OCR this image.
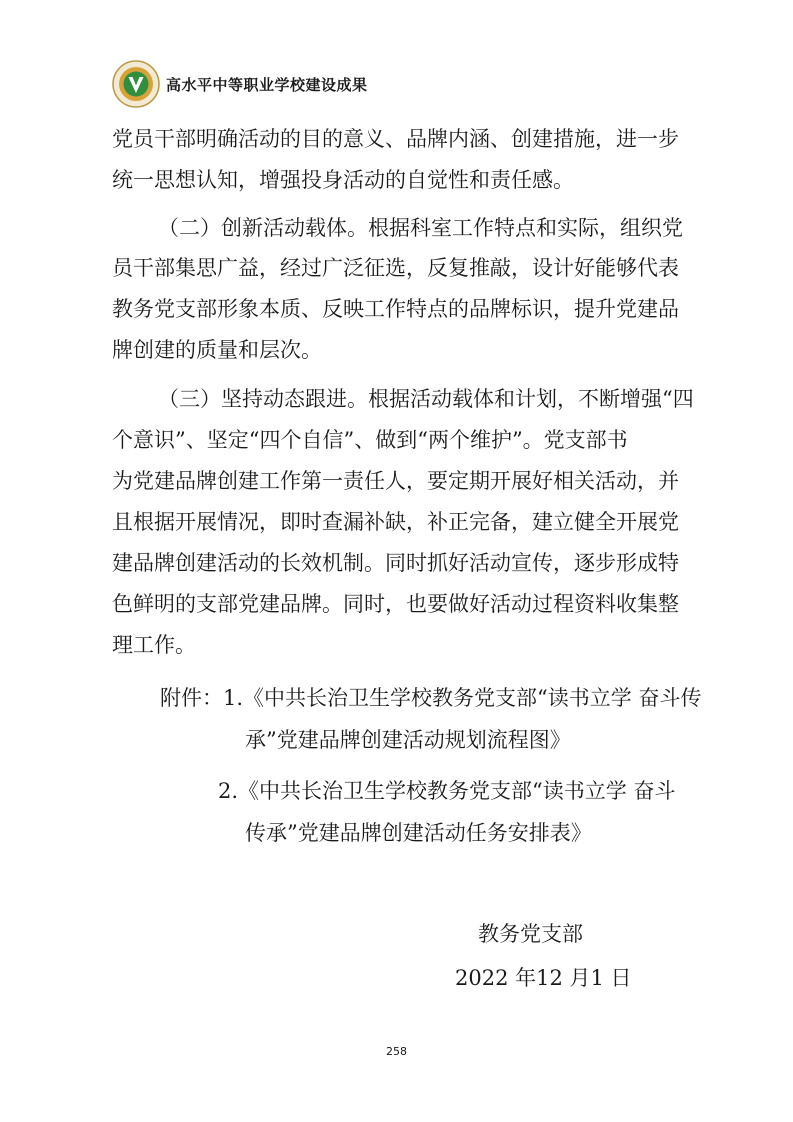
高水平中等职业学校建设成果
党员干部明确活动的目的意义、品牌内涵、创建措施，进一步
统一思想认知，增强投身活动的自觉性和责任感。
（二）创新活动载体。根据科室工作特点和实际，组织党
员干部集思广益，经过广泛征选，反复推敲，设计好能够代表
教务党支部形象本质、反映工作特点的品牌标识，提升党建品
牌创建的质量和层次。
（三）坚持动态跟进。根据活动载体和计划，不断增强“四
个意识”、坚定“四个自信”、做到“两个维护”。党支部书
为党建品牌创建工作第一责任人，要定期开展好相关活动，并
且根据开展情况，即时查漏补缺，补正完备，建立健全开展党
建品牌创建活动的长效机制。同时抓好活动宣传，逐步形成特
色鲜明的支部党建品牌。同时，也要做好活动过程资料收集整
理工作。
附件：1.《中共长治卫生学校教务党支部“读书立学 奋斗传
承”党建品牌创建活动规划流程图》
2.《中共长治卫生学校教务党支部“读书立学 奋斗
传承”党建品牌创建活动任务安排表》
教务党支部
2022 年12 月1 日
258
